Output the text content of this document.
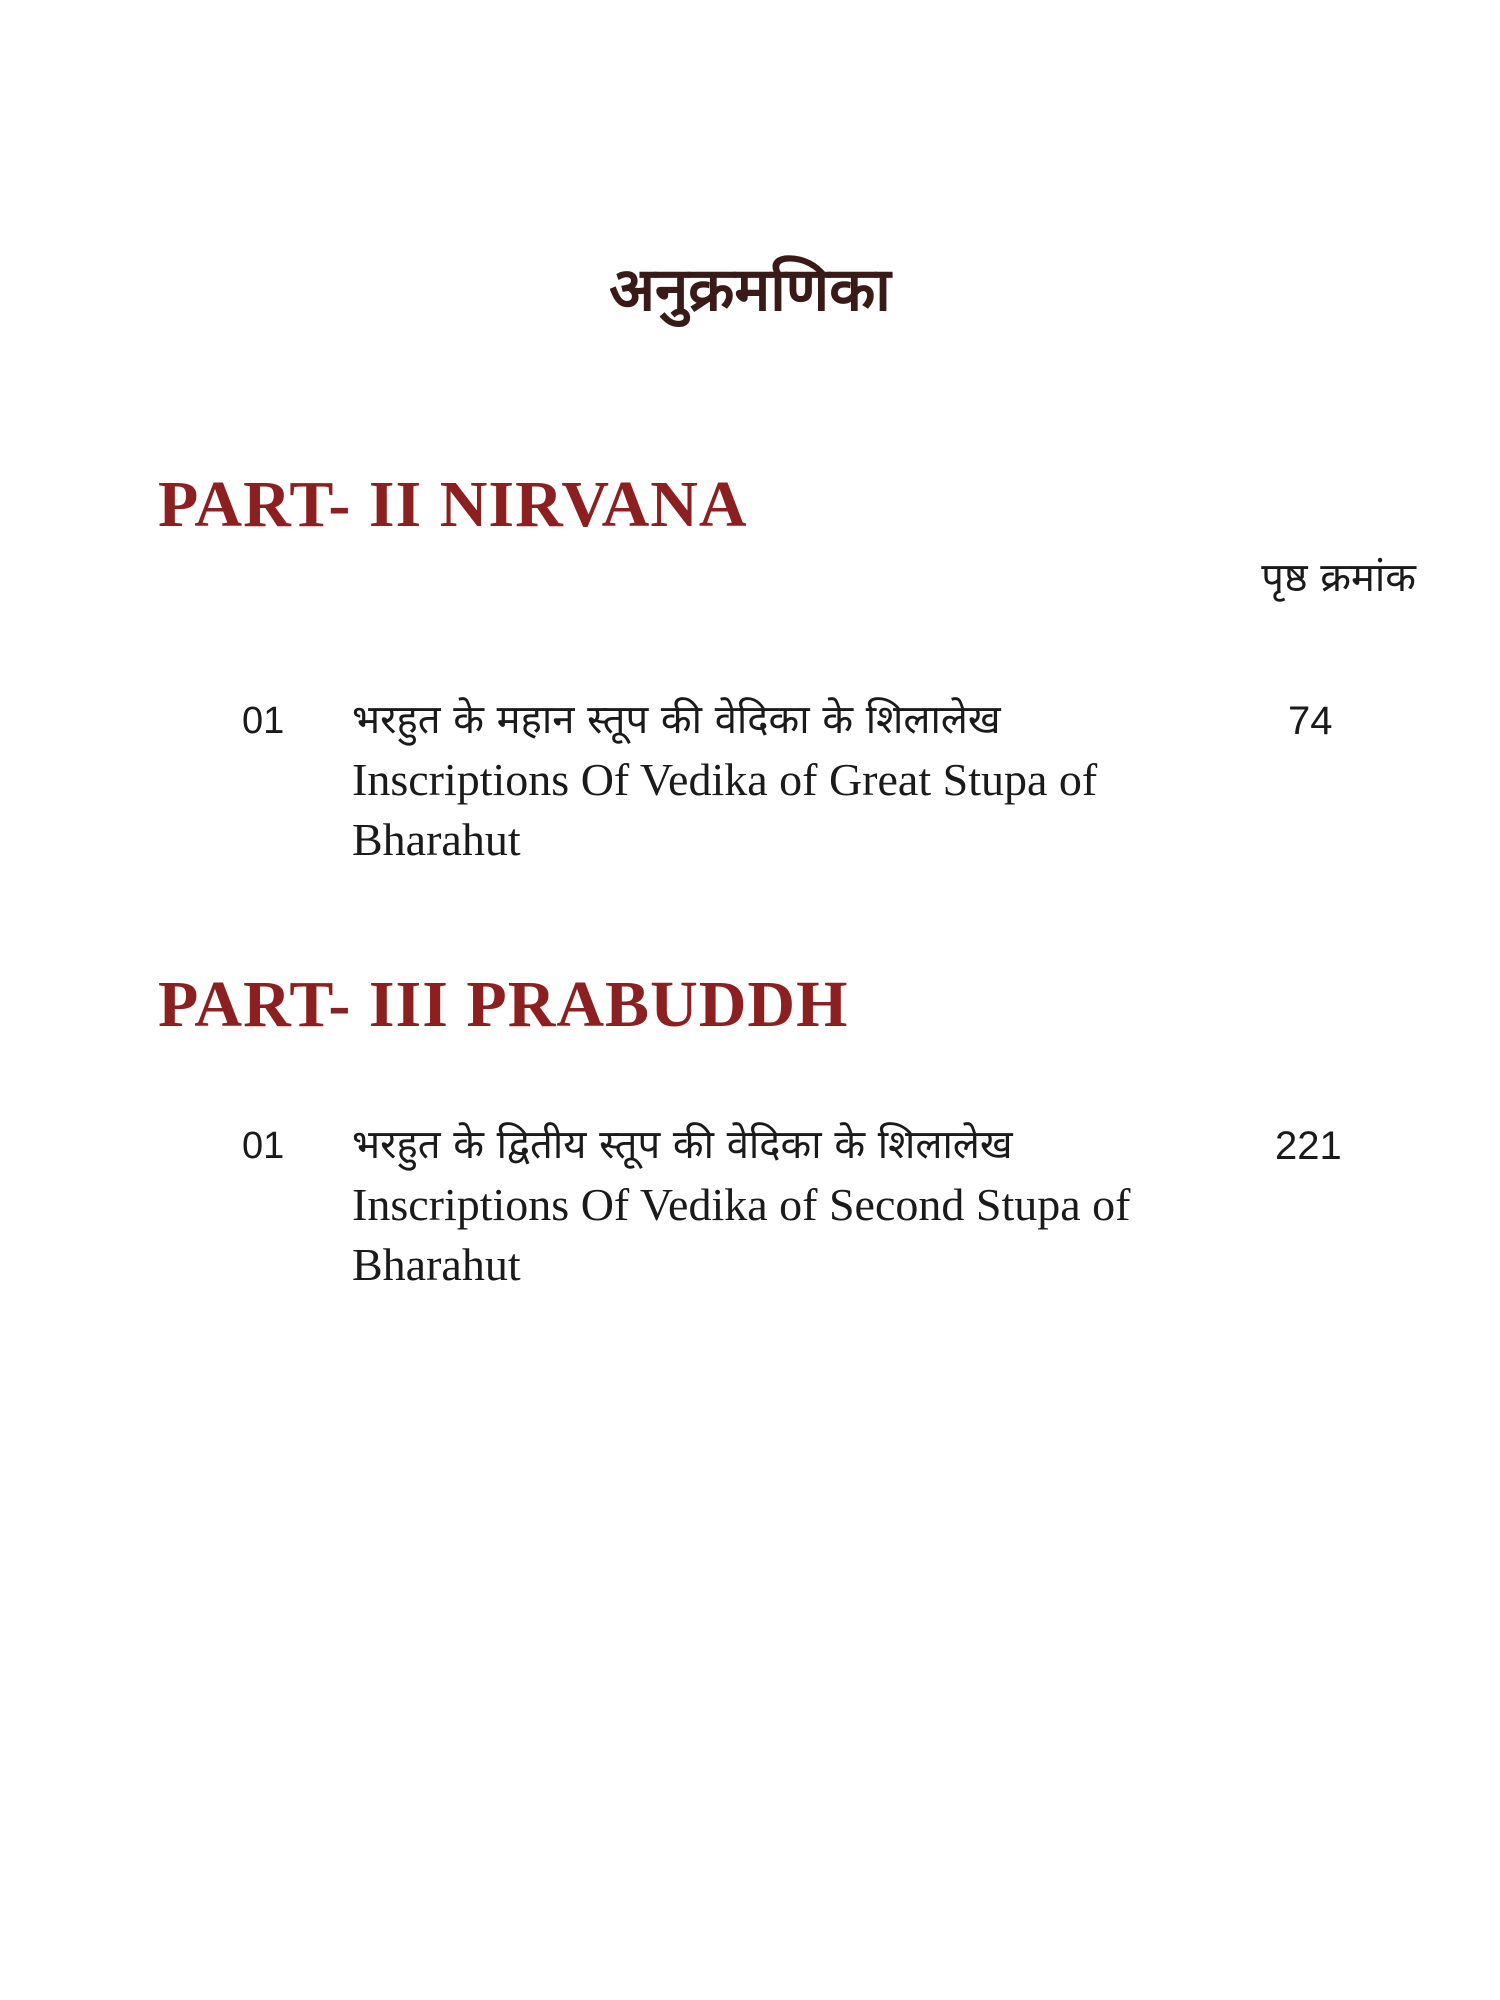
अनुक्रमणिका
PART- II NIRVANA
पृष्ठ क्रमांक
01 भरहुत के महान स्तूप की वेदिका के शिलालेख
Inscriptions Of Vedika of Great Stupa of Bharahut
74
PART- III PRABUDDH
01 भरहुत के द्वितीय स्तूप की वेदिका के शिलालेख
Inscriptions Of Vedika of Second Stupa of Bharahut
221
